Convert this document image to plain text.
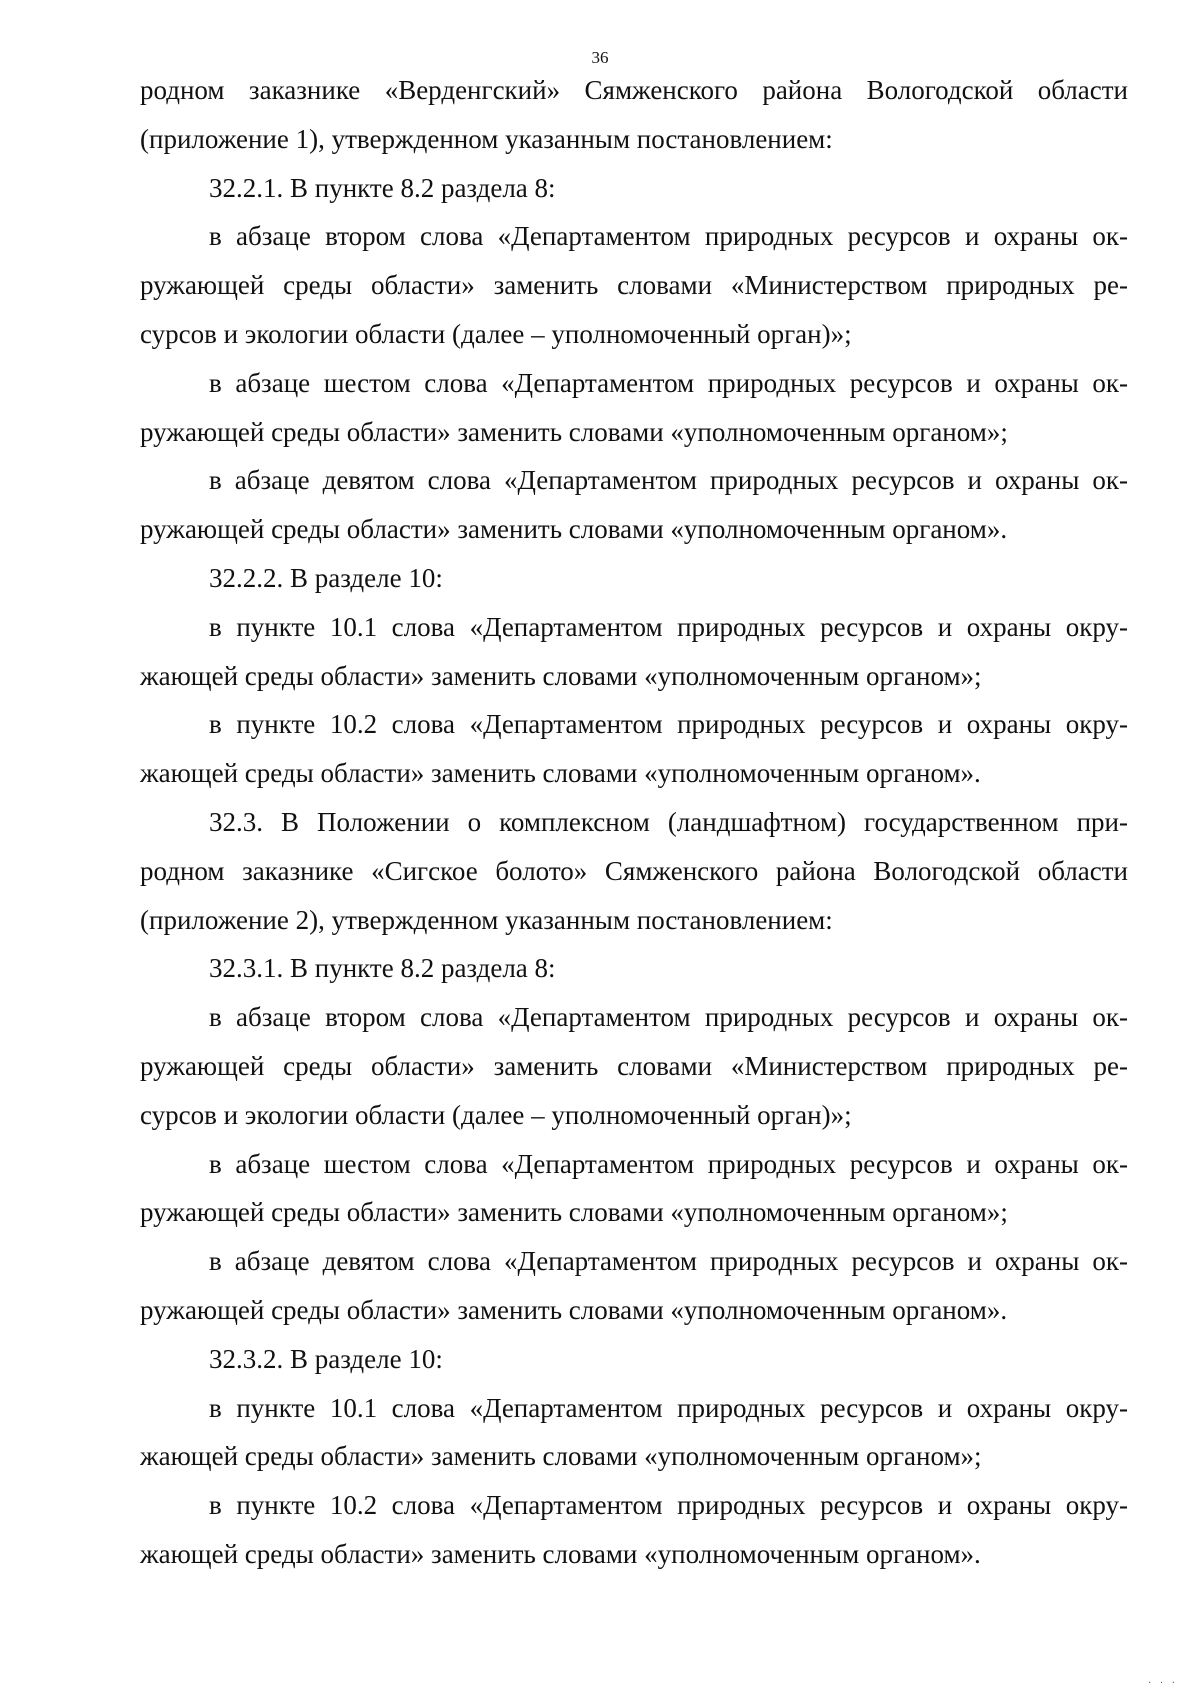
36
родном заказнике «Верденгский» Сямженского района Вологодской области
(приложение 1), утвержденном указанным постановлением:
32.2.1. В пункте 8.2 раздела 8:
в абзаце втором слова «Департаментом природных ресурсов и охраны ок-
ружающей среды области» заменить словами «Министерством природных ре-
сурсов и экологии области (далее – уполномоченный орган)»;
в абзаце шестом слова «Департаментом природных ресурсов и охраны ок-
ружающей среды области» заменить словами «уполномоченным органом»;
в абзаце девятом слова «Департаментом природных ресурсов и охраны ок-
ружающей среды области» заменить словами «уполномоченным органом».
32.2.2. В разделе 10:
в пункте 10.1 слова «Департаментом природных ресурсов и охраны окру-
жающей среды области» заменить словами «уполномоченным органом»;
в пункте 10.2 слова «Департаментом природных ресурсов и охраны окру-
жающей среды области» заменить словами «уполномоченным органом».
32.3. В Положении о комплексном (ландшафтном) государственном при-
родном заказнике «Сигское болото» Сямженского района Вологодской области
(приложение 2), утвержденном указанным постановлением:
32.3.1. В пункте 8.2 раздела 8:
в абзаце втором слова «Департаментом природных ресурсов и охраны ок-
ружающей среды области» заменить словами «Министерством природных ре-
сурсов и экологии области (далее – уполномоченный орган)»;
в абзаце шестом слова «Департаментом природных ресурсов и охраны ок-
ружающей среды области» заменить словами «уполномоченным органом»;
в абзаце девятом слова «Департаментом природных ресурсов и охраны ок-
ружающей среды области» заменить словами «уполномоченным органом».
32.3.2. В разделе 10:
в пункте 10.1 слова «Департаментом природных ресурсов и охраны окру-
жающей среды области» заменить словами «уполномоченным органом»;
в пункте 10.2 слова «Департаментом природных ресурсов и охраны окру-
жающей среды области» заменить словами «уполномоченным органом».
· · ·
